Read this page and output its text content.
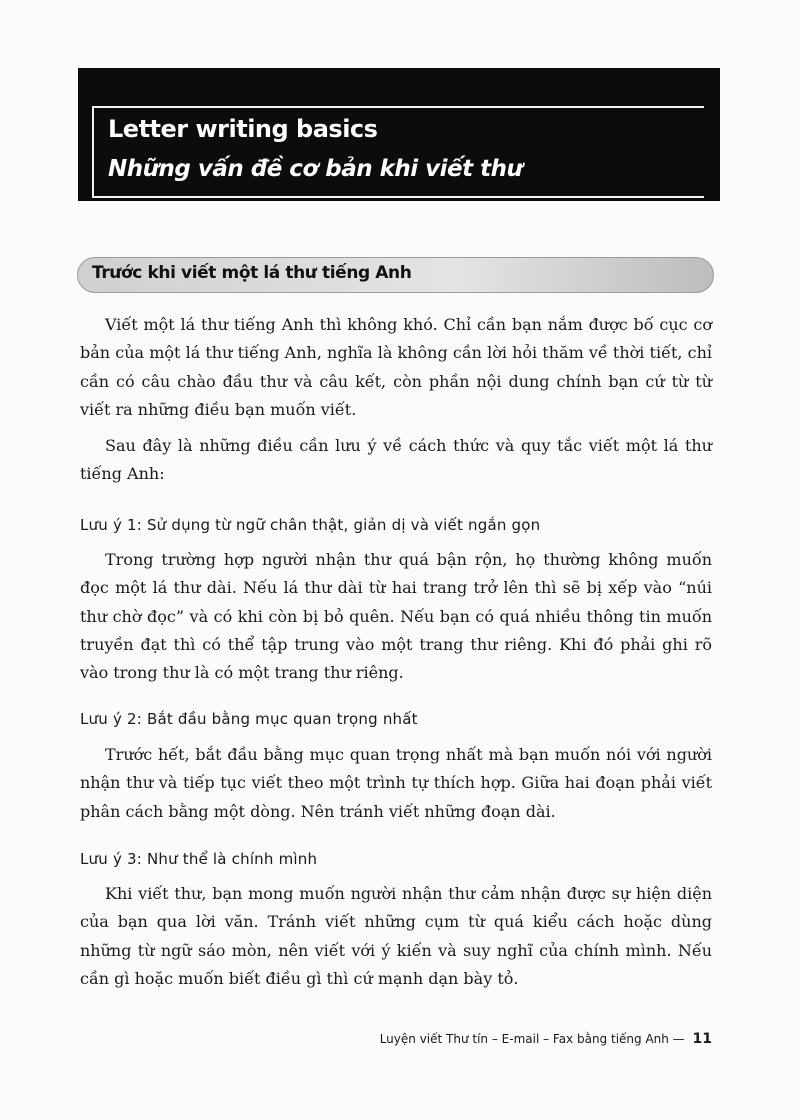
Letter writing basics
Những vấn đề cơ bản khi viết thư
Trước khi viết một lá thư tiếng Anh

Viết một lá thư tiếng Anh thì không khó. Chỉ cần bạn nắm được bố cục cơ bản của một lá thư tiếng Anh, nghĩa là không cần lời hỏi thăm về thời tiết, chỉ cần có câu chào đầu thư và câu kết, còn phần nội dung chính bạn cứ từ từ viết ra những điều bạn muốn viết.

Sau đây là những điều cần lưu ý về cách thức và quy tắc viết một lá thư tiếng Anh:

Lưu ý 1: Sử dụng từ ngữ chân thật, giản dị và viết ngắn gọn

Trong trường hợp người nhận thư quá bận rộn, họ thường không muốn đọc một lá thư dài. Nếu lá thư dài từ hai trang trở lên thì sẽ bị xếp vào “núi thư chờ đọc” và có khi còn bị bỏ quên. Nếu bạn có quá nhiều thông tin muốn truyền đạt thì có thể tập trung vào một trang thư riêng. Khi đó phải ghi rõ vào trong thư là có một trang thư riêng.

Lưu ý 2: Bắt đầu bằng mục quan trọng nhất

Trước hết, bắt đầu bằng mục quan trọng nhất mà bạn muốn nói với người nhận thư và tiếp tục viết theo một trình tự thích hợp. Giữa hai đoạn phải viết phân cách bằng một dòng. Nên tránh viết những đoạn dài.

Lưu ý 3: Như thể là chính mình

Khi viết thư, bạn mong muốn người nhận thư cảm nhận được sự hiện diện của bạn qua lời văn. Tránh viết những cụm từ quá kiểu cách hoặc dùng những từ ngữ sáo mòn, nên viết với ý kiến và suy nghĩ của chính mình. Nếu cần gì hoặc muốn biết điều gì thì cứ mạnh dạn bày tỏ.

Luyện viết Thư tín – E-mail – Fax bằng tiếng Anh — 11
